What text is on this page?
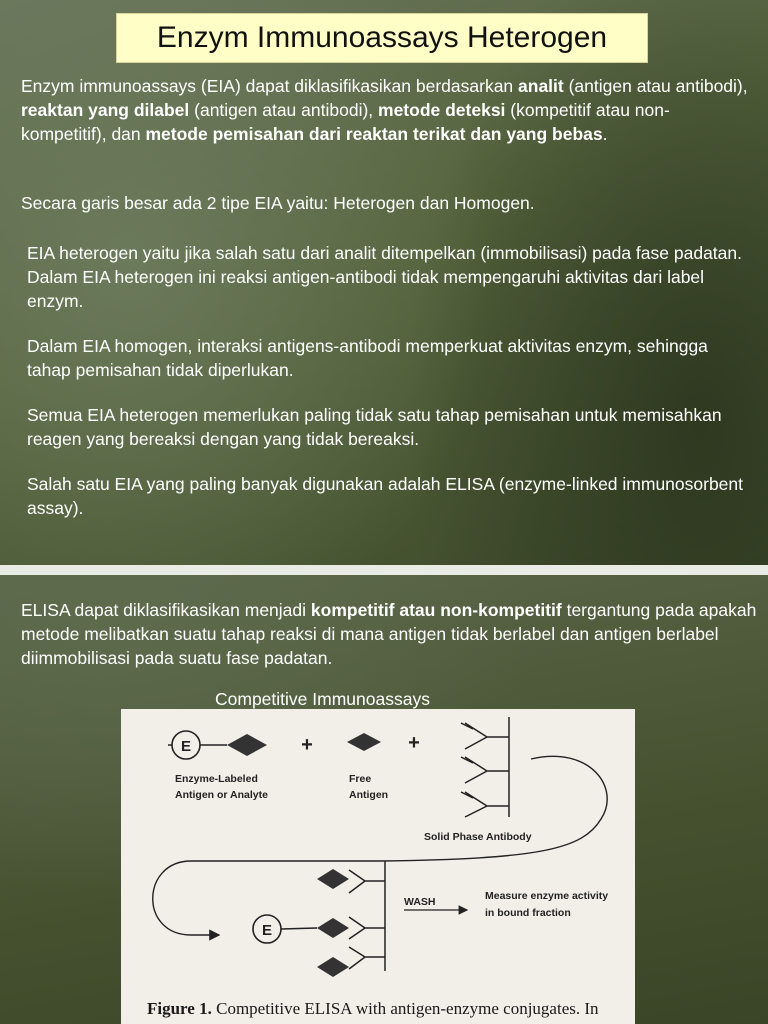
Enzym Immunoassays Heterogen

Enzym immunoassays (EIA) dapat diklasifikasikan berdasarkan analit (antigen atau antibodi), reaktan yang dilabel (antigen atau antibodi), metode deteksi (kompetitif atau non-kompetitif), dan metode pemisahan dari reaktan terikat dan yang bebas.

Secara garis besar ada 2 tipe EIA yaitu: Heterogen dan Homogen.

EIA heterogen yaitu jika salah satu dari analit ditempelkan (immobilisasi) pada fase padatan. Dalam EIA heterogen ini reaksi antigen-antibodi tidak mempengaruhi aktivitas dari label enzym.

Dalam EIA homogen, interaksi antigens-antibodi memperkuat aktivitas enzym, sehingga tahap pemisahan tidak diperlukan.

Semua EIA heterogen memerlukan paling tidak satu tahap pemisahan untuk memisahkan reagen yang bereaksi dengan yang tidak bereaksi.

Salah satu EIA yang paling banyak digunakan adalah ELISA (enzyme-linked immunosorbent assay).

ELISA dapat diklasifikasikan menjadi kompetitif atau non-kompetitif tergantung pada apakah metode melibatkan suatu tahap reaksi di mana antigen tidak berlabel dan antigen berlabel diimmobilisasi pada suatu fase padatan.

Competitive Immunoassays
E	+	+
Enzyme-Labeled
Antigen or Analyte
Free
Antigen
Solid Phase Antibody
E
WASH	Measure enzyme activity
in bound fraction
Figure 1. Competitive ELISA with antigen-enzyme conjugates. In
